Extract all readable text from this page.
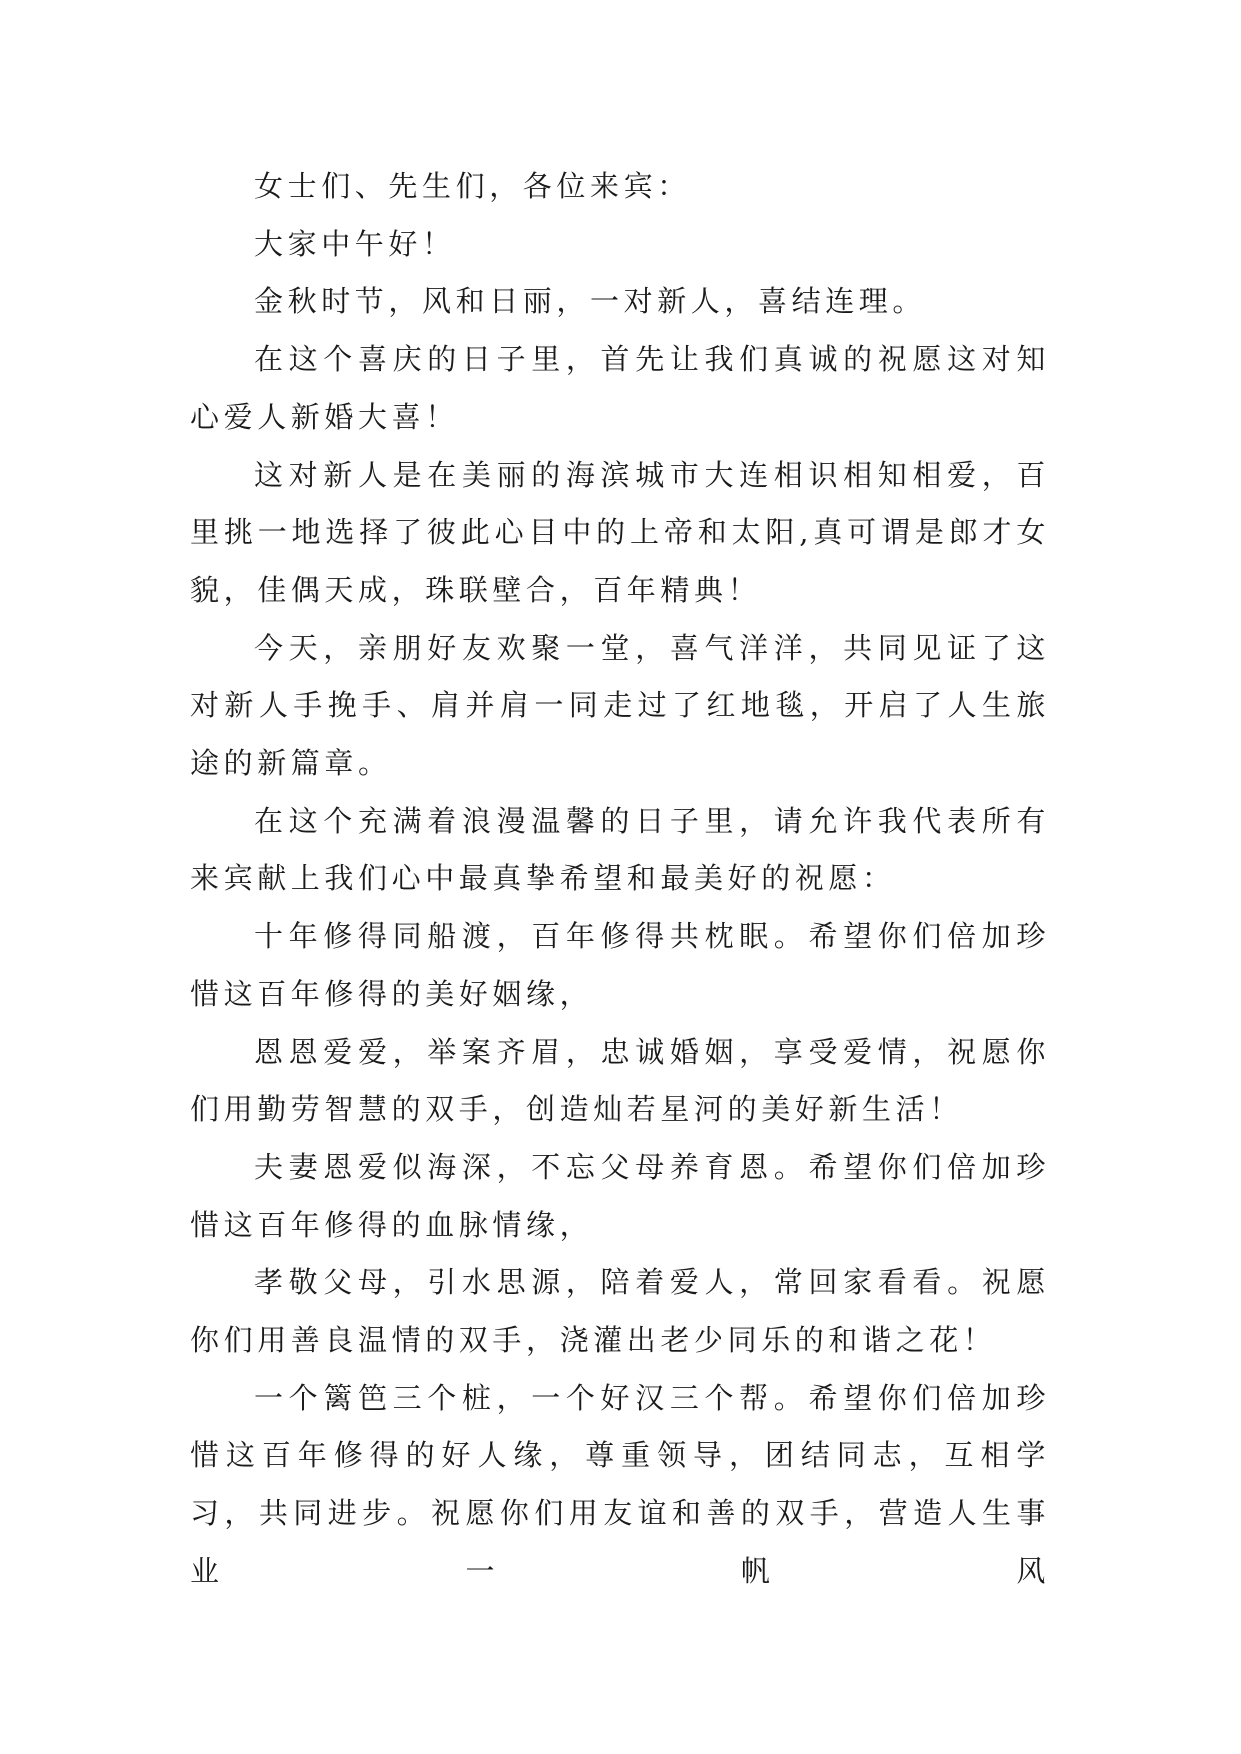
女士们、先生们，各位来宾：

大家中午好！

金秋时节，风和日丽，一对新人，喜结连理。

在这个喜庆的日子里，首先让我们真诚的祝愿这对知心爱人新婚大喜！

这对新人是在美丽的海滨城市大连相识相知相爱，百里挑一地选择了彼此心目中的上帝和太阳,真可谓是郎才女貌，佳偶天成，珠联壁合，百年精典！

今天，亲朋好友欢聚一堂，喜气洋洋，共同见证了这对新人手挽手、肩并肩一同走过了红地毯，开启了人生旅途的新篇章。

在这个充满着浪漫温馨的日子里，请允许我代表所有来宾献上我们心中最真挚希望和最美好的祝愿：

十年修得同船渡，百年修得共枕眠。希望你们倍加珍惜这百年修得的美好姻缘，

恩恩爱爱，举案齐眉，忠诚婚姻，享受爱情，祝愿你们用勤劳智慧的双手，创造灿若星河的美好新生活！

夫妻恩爱似海深，不忘父母养育恩。希望你们倍加珍惜这百年修得的血脉情缘，

孝敬父母，引水思源，陪着爱人，常回家看看。祝愿你们用善良温情的双手，浇灌出老少同乐的和谐之花！

一个篱笆三个桩，一个好汉三个帮。希望你们倍加珍惜这百年修得的好人缘，尊重领导，团结同志，互相学习，共同进步。祝愿你们用友谊和善的双手，营造人生事业一帆风
